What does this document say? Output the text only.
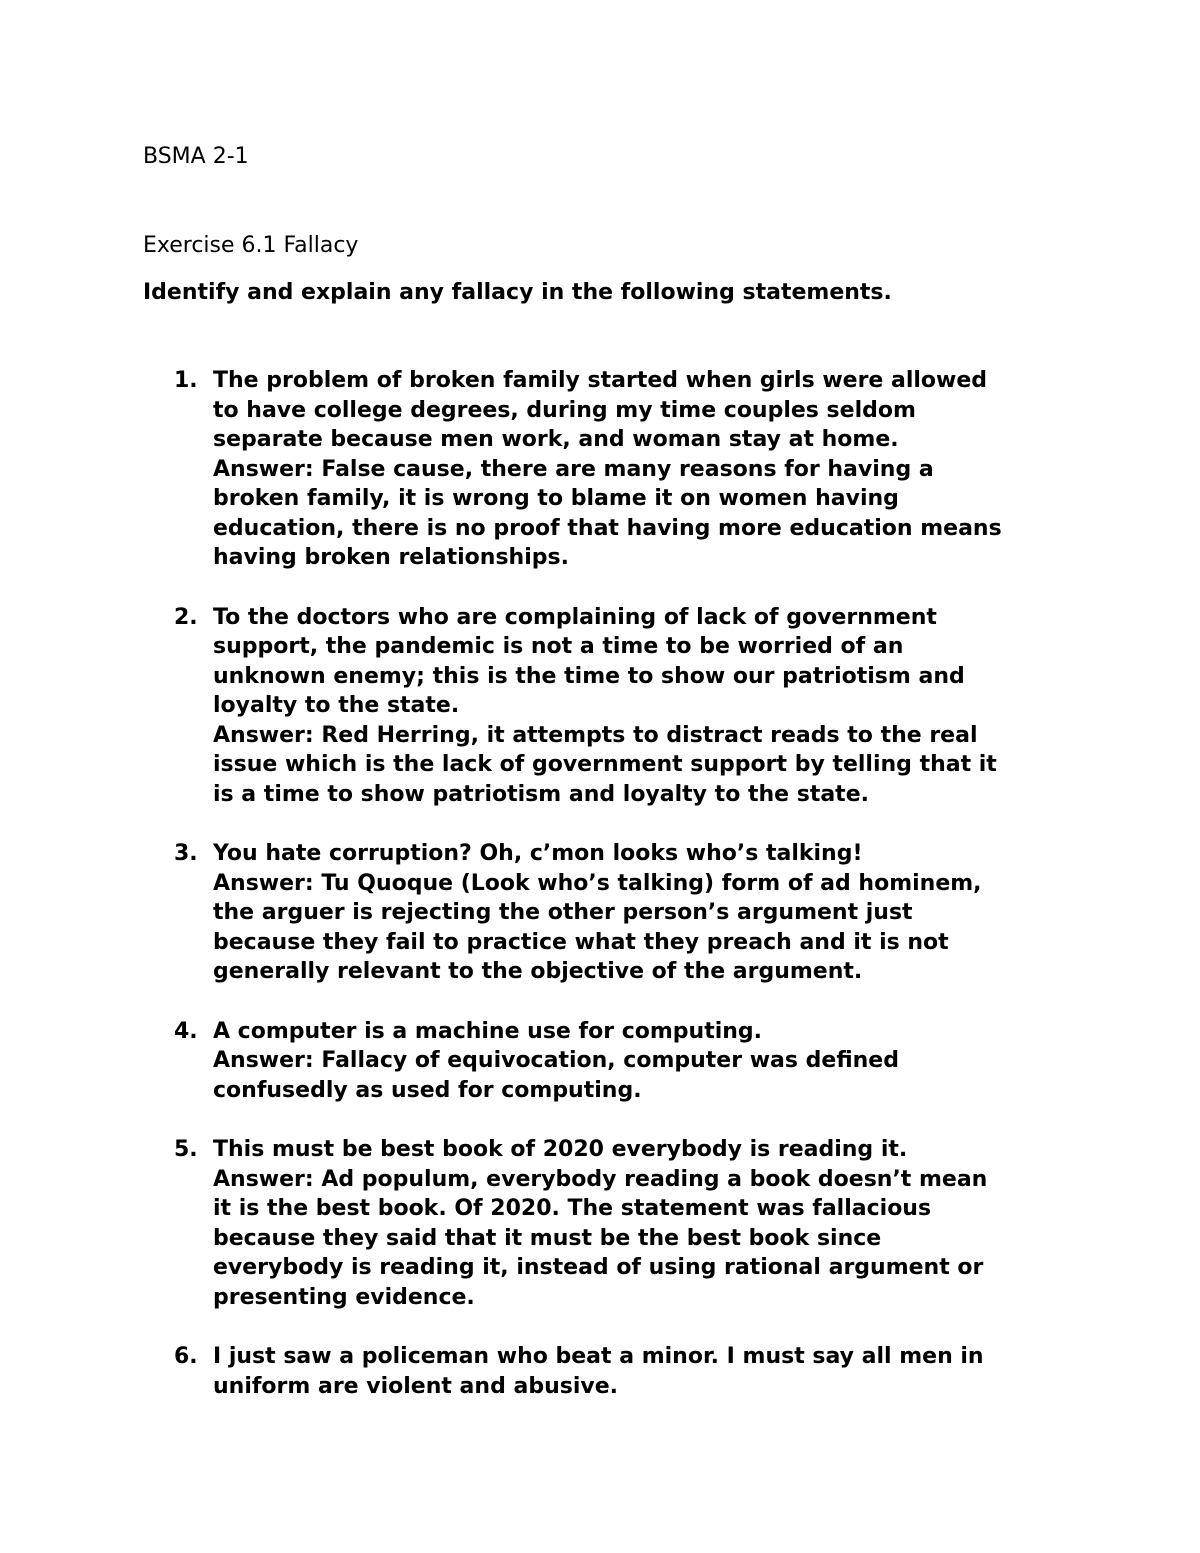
BSMA 2-1

Exercise 6.1 Fallacy

Identify and explain any fallacy in the following statements.

1. The problem of broken family started when girls were allowed
to have college degrees, during my time couples seldom
separate because men work, and woman stay at home.
Answer: False cause, there are many reasons for having a
broken family, it is wrong to blame it on women having
education, there is no proof that having more education means
having broken relationships.
2. To the doctors who are complaining of lack of government
support, the pandemic is not a time to be worried of an
unknown enemy; this is the time to show our patriotism and
loyalty to the state.
Answer: Red Herring, it attempts to distract reads to the real
issue which is the lack of government support by telling that it
is a time to show patriotism and loyalty to the state.
3. You hate corruption? Oh, c’mon looks who’s talking!
Answer: Tu Quoque (Look who’s talking) form of ad hominem,
the arguer is rejecting the other person’s argument just
because they fail to practice what they preach and it is not
generally relevant to the objective of the argument.
4. A computer is a machine use for computing.
Answer: Fallacy of equivocation, computer was defined
confusedly as used for computing.
5. This must be best book of 2020 everybody is reading it.
Answer: Ad populum, everybody reading a book doesn’t mean
it is the best book. Of 2020. The statement was fallacious
because they said that it must be the best book since
everybody is reading it, instead of using rational argument or
presenting evidence.
6. I just saw a policeman who beat a minor. I must say all men in
uniform are violent and abusive.
